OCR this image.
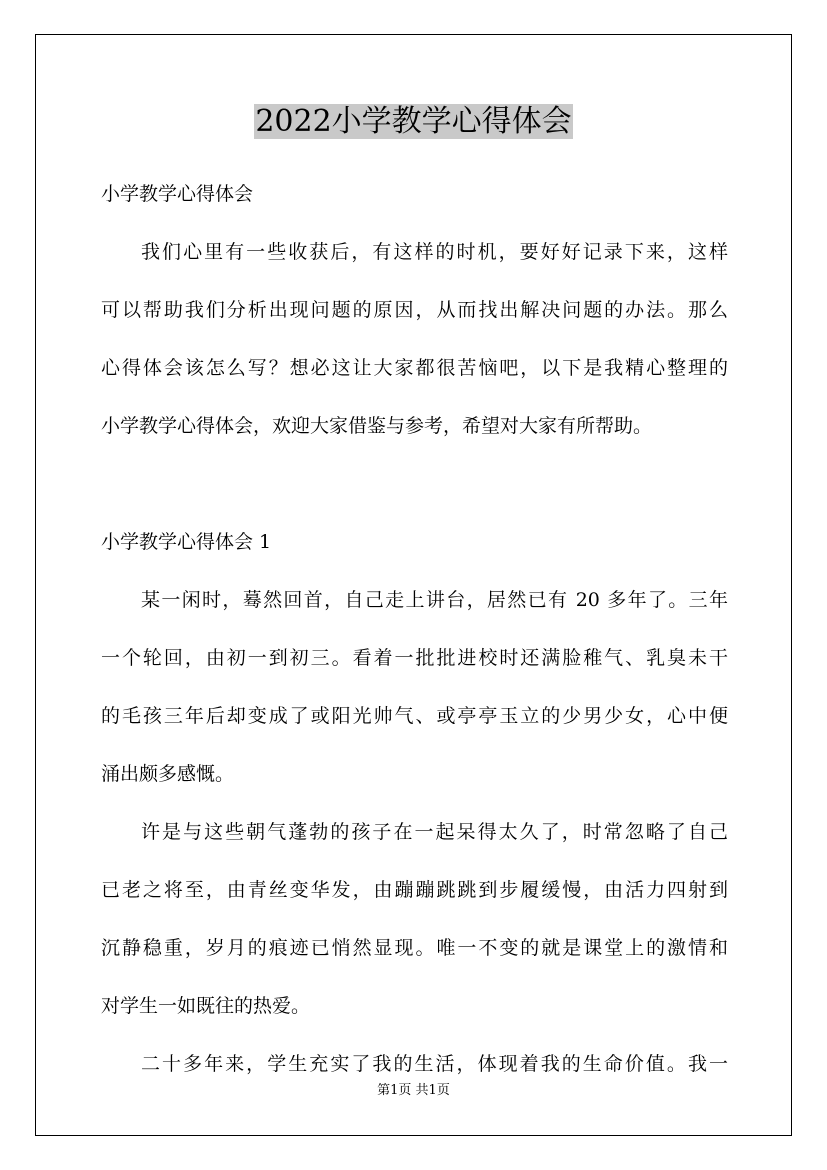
2022小学教学心得体会
小学教学心得体会
我们心里有一些收获后，有这样的时机，要好好记录下来，这样
可以帮助我们分析出现问题的原因，从而找出解决问题的办法。那么
心得体会该怎么写？想必这让大家都很苦恼吧，以下是我精心整理的
小学教学心得体会，欢迎大家借鉴与参考，希望对大家有所帮助。
小学教学心得体会 1
某一闲时，蓦然回首，自己走上讲台，居然已有 20 多年了。三年
一个轮回，由初一到初三。看着一批批进校时还满脸稚气、乳臭未干
的毛孩三年后却变成了或阳光帅气、或亭亭玉立的少男少女，心中便
涌出颇多感慨。
许是与这些朝气蓬勃的孩子在一起呆得太久了，时常忽略了自己
已老之将至，由青丝变华发，由蹦蹦跳跳到步履缓慢，由活力四射到
沉静稳重，岁月的痕迹已悄然显现。唯一不变的就是课堂上的激情和
对学生一如既往的热爱。
二十多年来，学生充实了我的生活，体现着我的生命价值。我一
第1页 共1页
